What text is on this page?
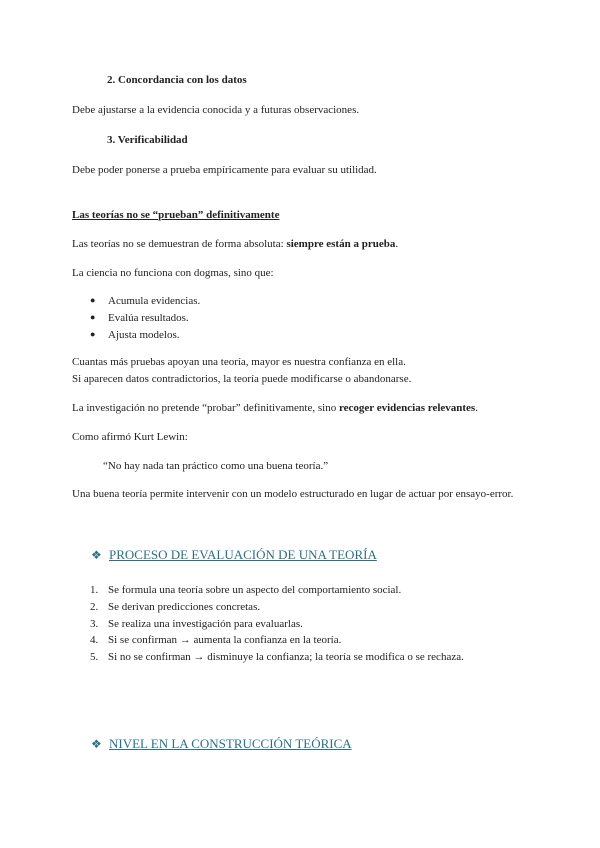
2. Concordancia con los datos
Debe ajustarse a la evidencia conocida y a futuras observaciones.
3. Verificabilidad
Debe poder ponerse a prueba empíricamente para evaluar su utilidad.
Las teorías no se “prueban” definitivamente
Las teorías no se demuestran de forma absoluta: siempre están a prueba.
La ciencia no funciona con dogmas, sino que:
● Acumula evidencias.
● Evalúa resultados.
● Ajusta modelos.
Cuantas más pruebas apoyan una teoría, mayor es nuestra confianza en ella.
Si aparecen datos contradictorios, la teoría puede modificarse o abandonarse.
La investigación no pretende “probar” definitivamente, sino recoger evidencias relevantes.
Como afirmó Kurt Lewin:
“No hay nada tan práctico como una buena teoría.”
Una buena teoría permite intervenir con un modelo estructurado en lugar de actuar por ensayo-error.
❖ PROCESO DE EVALUACIÓN DE UNA TEORÍA
1. Se formula una teoría sobre un aspecto del comportamiento social.
2. Se derivan predicciones concretas.
3. Se realiza una investigación para evaluarlas.
4. Si se confirman → aumenta la confianza en la teoría.
5. Si no se confirman → disminuye la confianza; la teoría se modifica o se rechaza.
❖ NIVEL EN LA CONSTRUCCIÓN TEÓRICA
